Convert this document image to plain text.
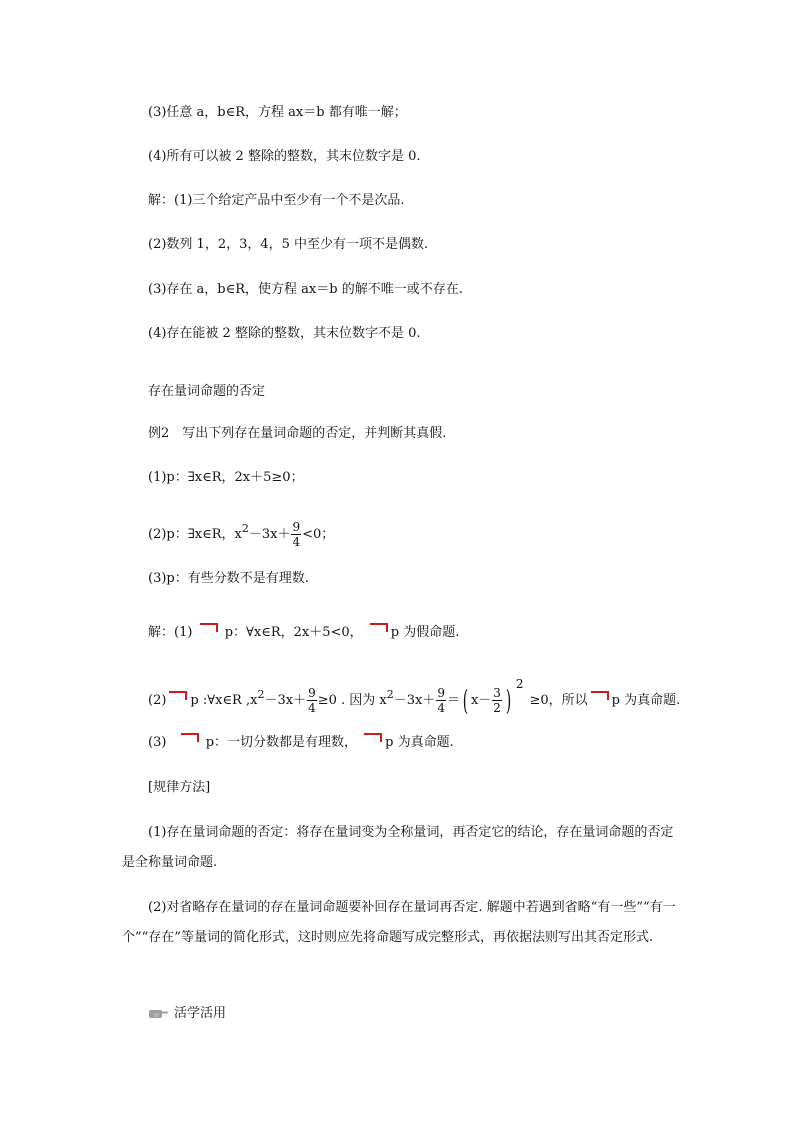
(3)任意 a，b∈R，方程 ax＝b 都有唯一解；
(4)所有可以被 2 整除的整数，其末位数字是 0.
解：(1)三个给定产品中至少有一个不是次品.
(2)数列 1，2，3，4，5 中至少有一项不是偶数.
(3)存在 a，b∈R，使方程 ax＝b 的解不唯一或不存在.
(4)存在能被 2 整除的整数，其末位数字不是 0.
存在量词命题的否定
例2　写出下列存在量词命题的否定，并判断其真假.
(1)p：∃x∈R，2x＋5≥0；
(2)p：∃x∈R，$x^2-3x+ \frac{9}{4} <0$；
(3)p：有些分数不是有理数.
解：(1) p：∀x∈R，2x＋5<0， p 为假命题.
(2) p :∀x∈R $,x^2-3x+ \frac{9}{4} \ge 0$ . 因为 $x^2-3x+ \frac{9}{4}$ ＝( $x- \frac{3}{2}$ ) 2≥0，所以 p 为真命题.
(3)	p：一切分数都是有理数， p 为真命题.
[规律方法]
(1)存在量词命题的否定：将存在量词变为全称量词，再否定它的结论，存在量词命题的否定是全称量词命题.
(2)对省略存在量词的存在量词命题要补回存在量词再否定. 解题中若遇到省略“有一些”“有一个”“存在”等量词的简化形式，这时则应先将命题写成完整形式，再依据法则写出其否定形式.
活学活用
